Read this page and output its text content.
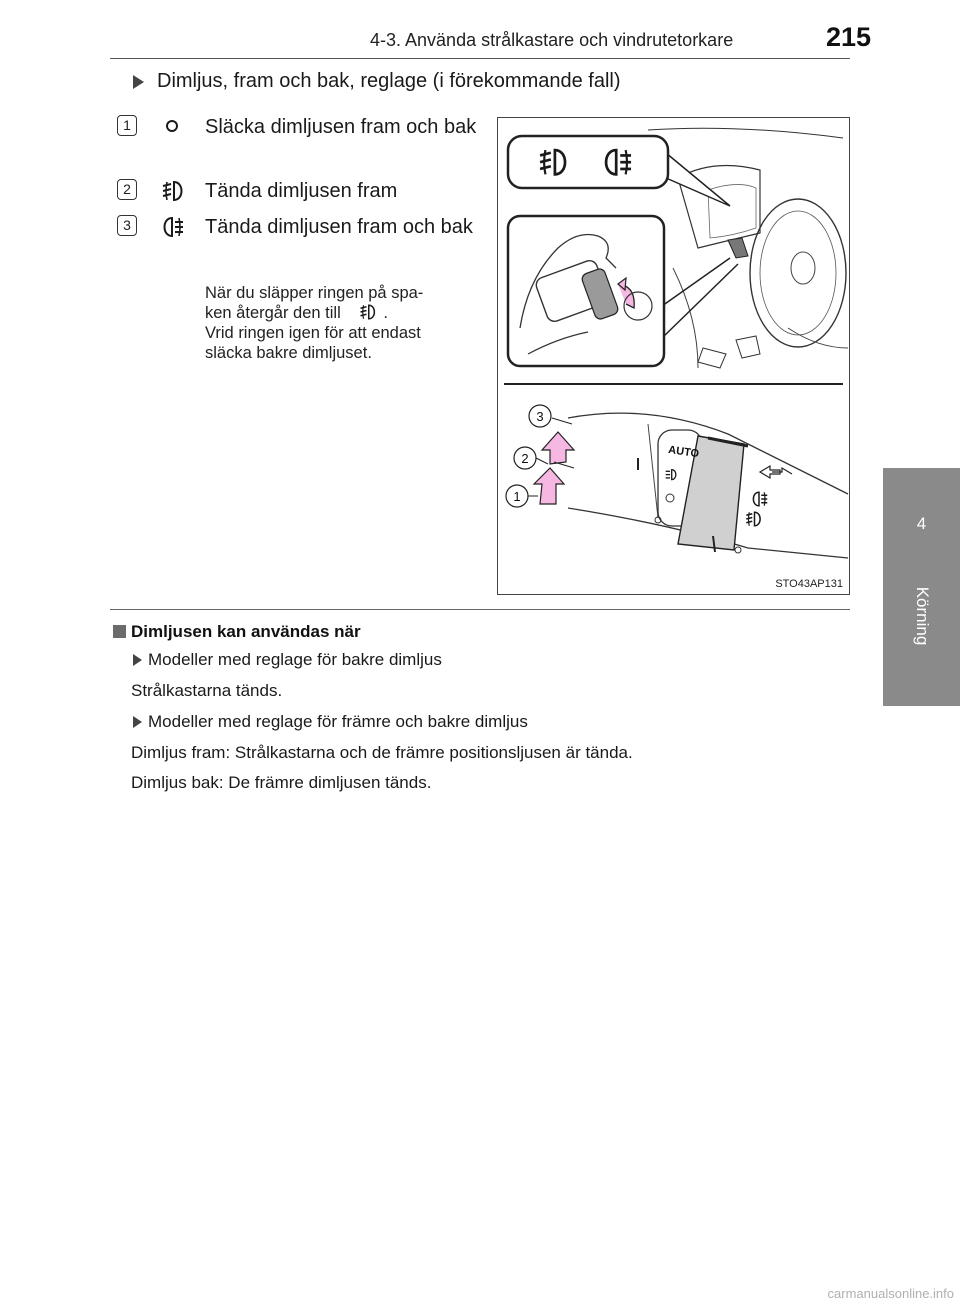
4-3. Använda strålkastare och vindrutetorkare	215
4
Körning
Dimljus, fram och bak, reglage (i förekommande fall)
1	Släcka dimljusen fram och bak
2	Tända dimljusen fram
3	Tända dimljusen fram och bak
När du släpper ringen på spa-
ken återgår den till	.
Vrid ringen igen för att endast
släcka bakre dimljuset.
AUTO
3
2
1
STO43AP131
Dimljusen kan användas när
Modeller med reglage för bakre dimljus
Strålkastarna tänds.
Modeller med reglage för främre och bakre dimljus
Dimljus fram: Strålkastarna och de främre positionsljusen är tända.
Dimljus bak: De främre dimljusen tänds.
carmanualsonline.info
